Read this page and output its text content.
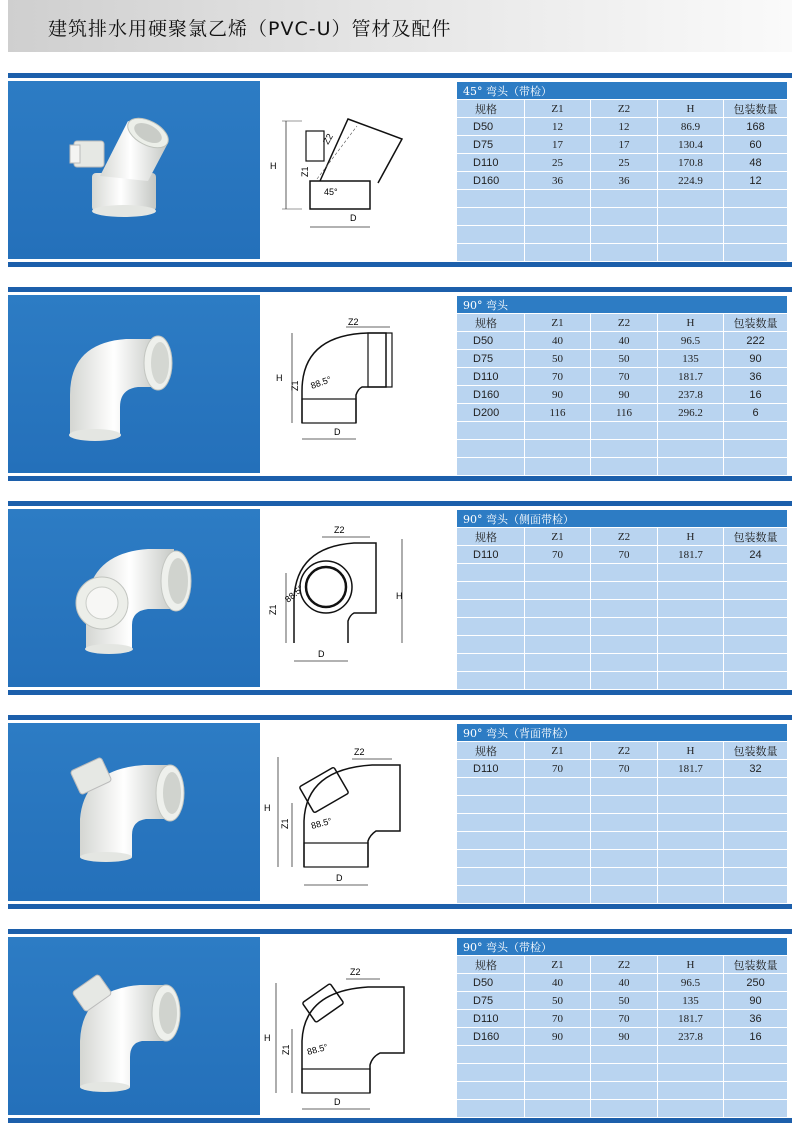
建筑排水用硬聚氯乙烯（PVC-U）管材及配件
H
Z2
Z1
45°
D
45° 弯头（带检）				
规格	Z1	Z2	H	包装数量
D50	12	12	86.9	168
D75	17	17	130.4	60
D110	25	25	170.8	48
D160	36	36	224.9	12

H
Z2
Z1 88.5°
D
90° 弯头				
规格	Z1	Z2	H	包装数量
D50	40	40	96.5	222
D75	50	50	135	90
D110	70	70	181.7	36
D160	90	90	237.8	16
D200	116	116	296.2	6

Z1
H
Z2
88.5°
D
90° 弯头（侧面带检）				
规格	Z1	Z2	H	包装数量
D110	70	70	181.7	24

H
Z1
Z2
88.5°
D
90° 弯头（背面带检）				
规格	Z1	Z2	H	包装数量
D110	70	70	181.7	32

H
Z1
Z2
88.5°
D
90° 弯头（带检）				
规格	Z1	Z2	H	包装数量
D50	40	40	96.5	250
D75	50	50	135	90
D110	70	70	181.7	36
D160	90	90	237.8	16
